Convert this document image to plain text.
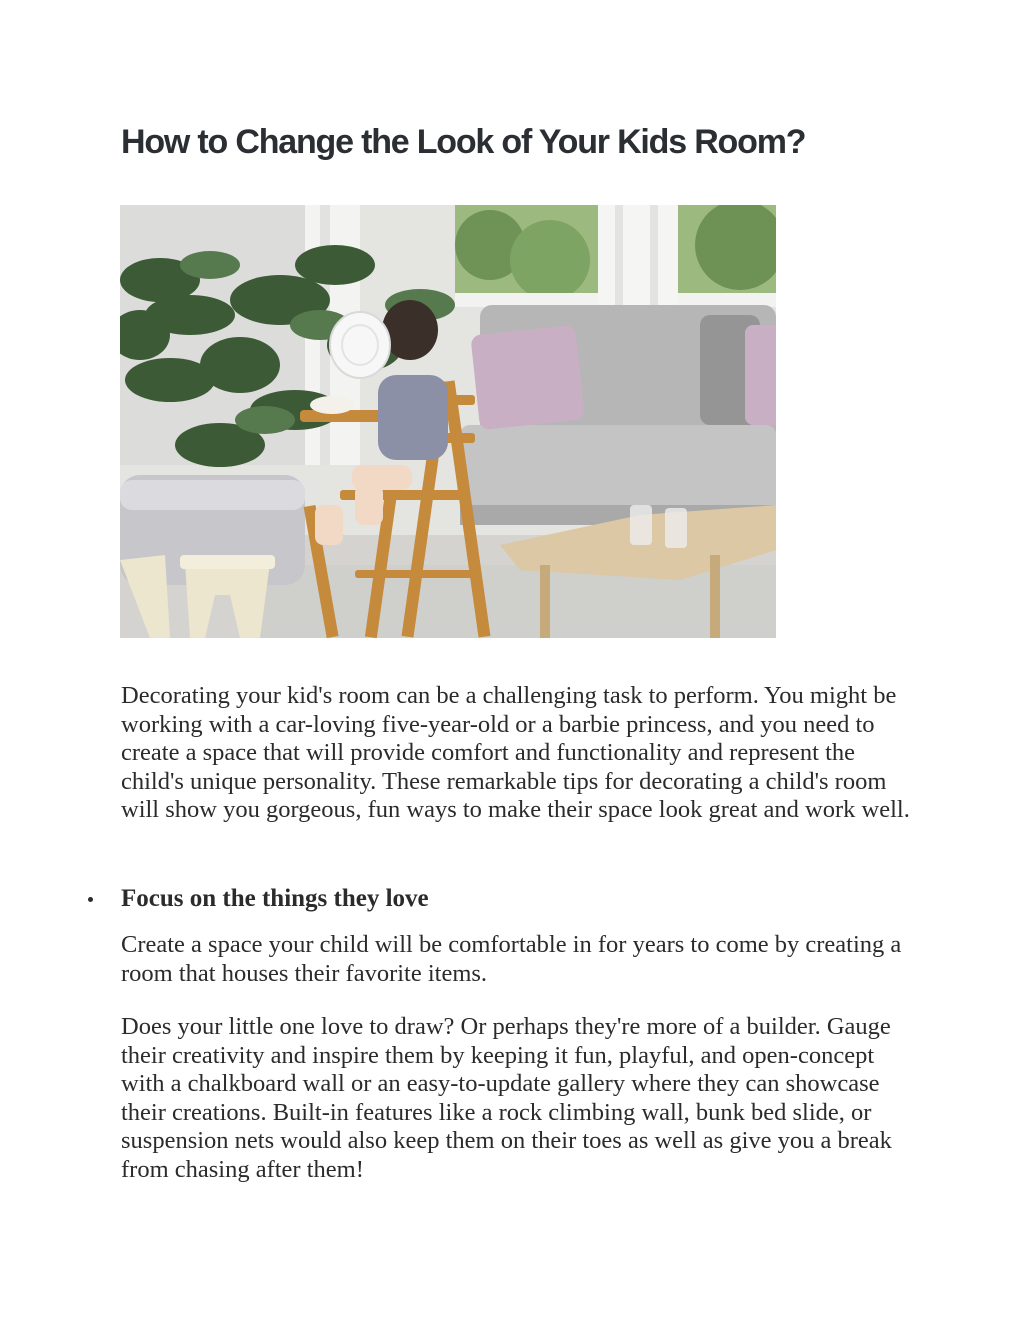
How to Change the Look of Your Kids Room?

Decorating your kid's room can be a challenging task to perform. You might be working with a car-loving five-year-old or a barbie princess, and you need to create a space that will provide comfort and functionality and represent the child's unique personality. These remarkable tips for decorating a child's room will show you gorgeous, fun ways to make their space look great and work well.

Focus on the things they love

Create a space your child will be comfortable in for years to come by creating a room that houses their favorite items.

Does your little one love to draw? Or perhaps they're more of a builder. Gauge their creativity and inspire them by keeping it fun, playful, and open-concept with a chalkboard wall or an easy-to-update gallery where they can showcase their creations. Built-in features like a rock climbing wall, bunk bed slide, or suspension nets would also keep them on their toes as well as give you a break from chasing after them!
